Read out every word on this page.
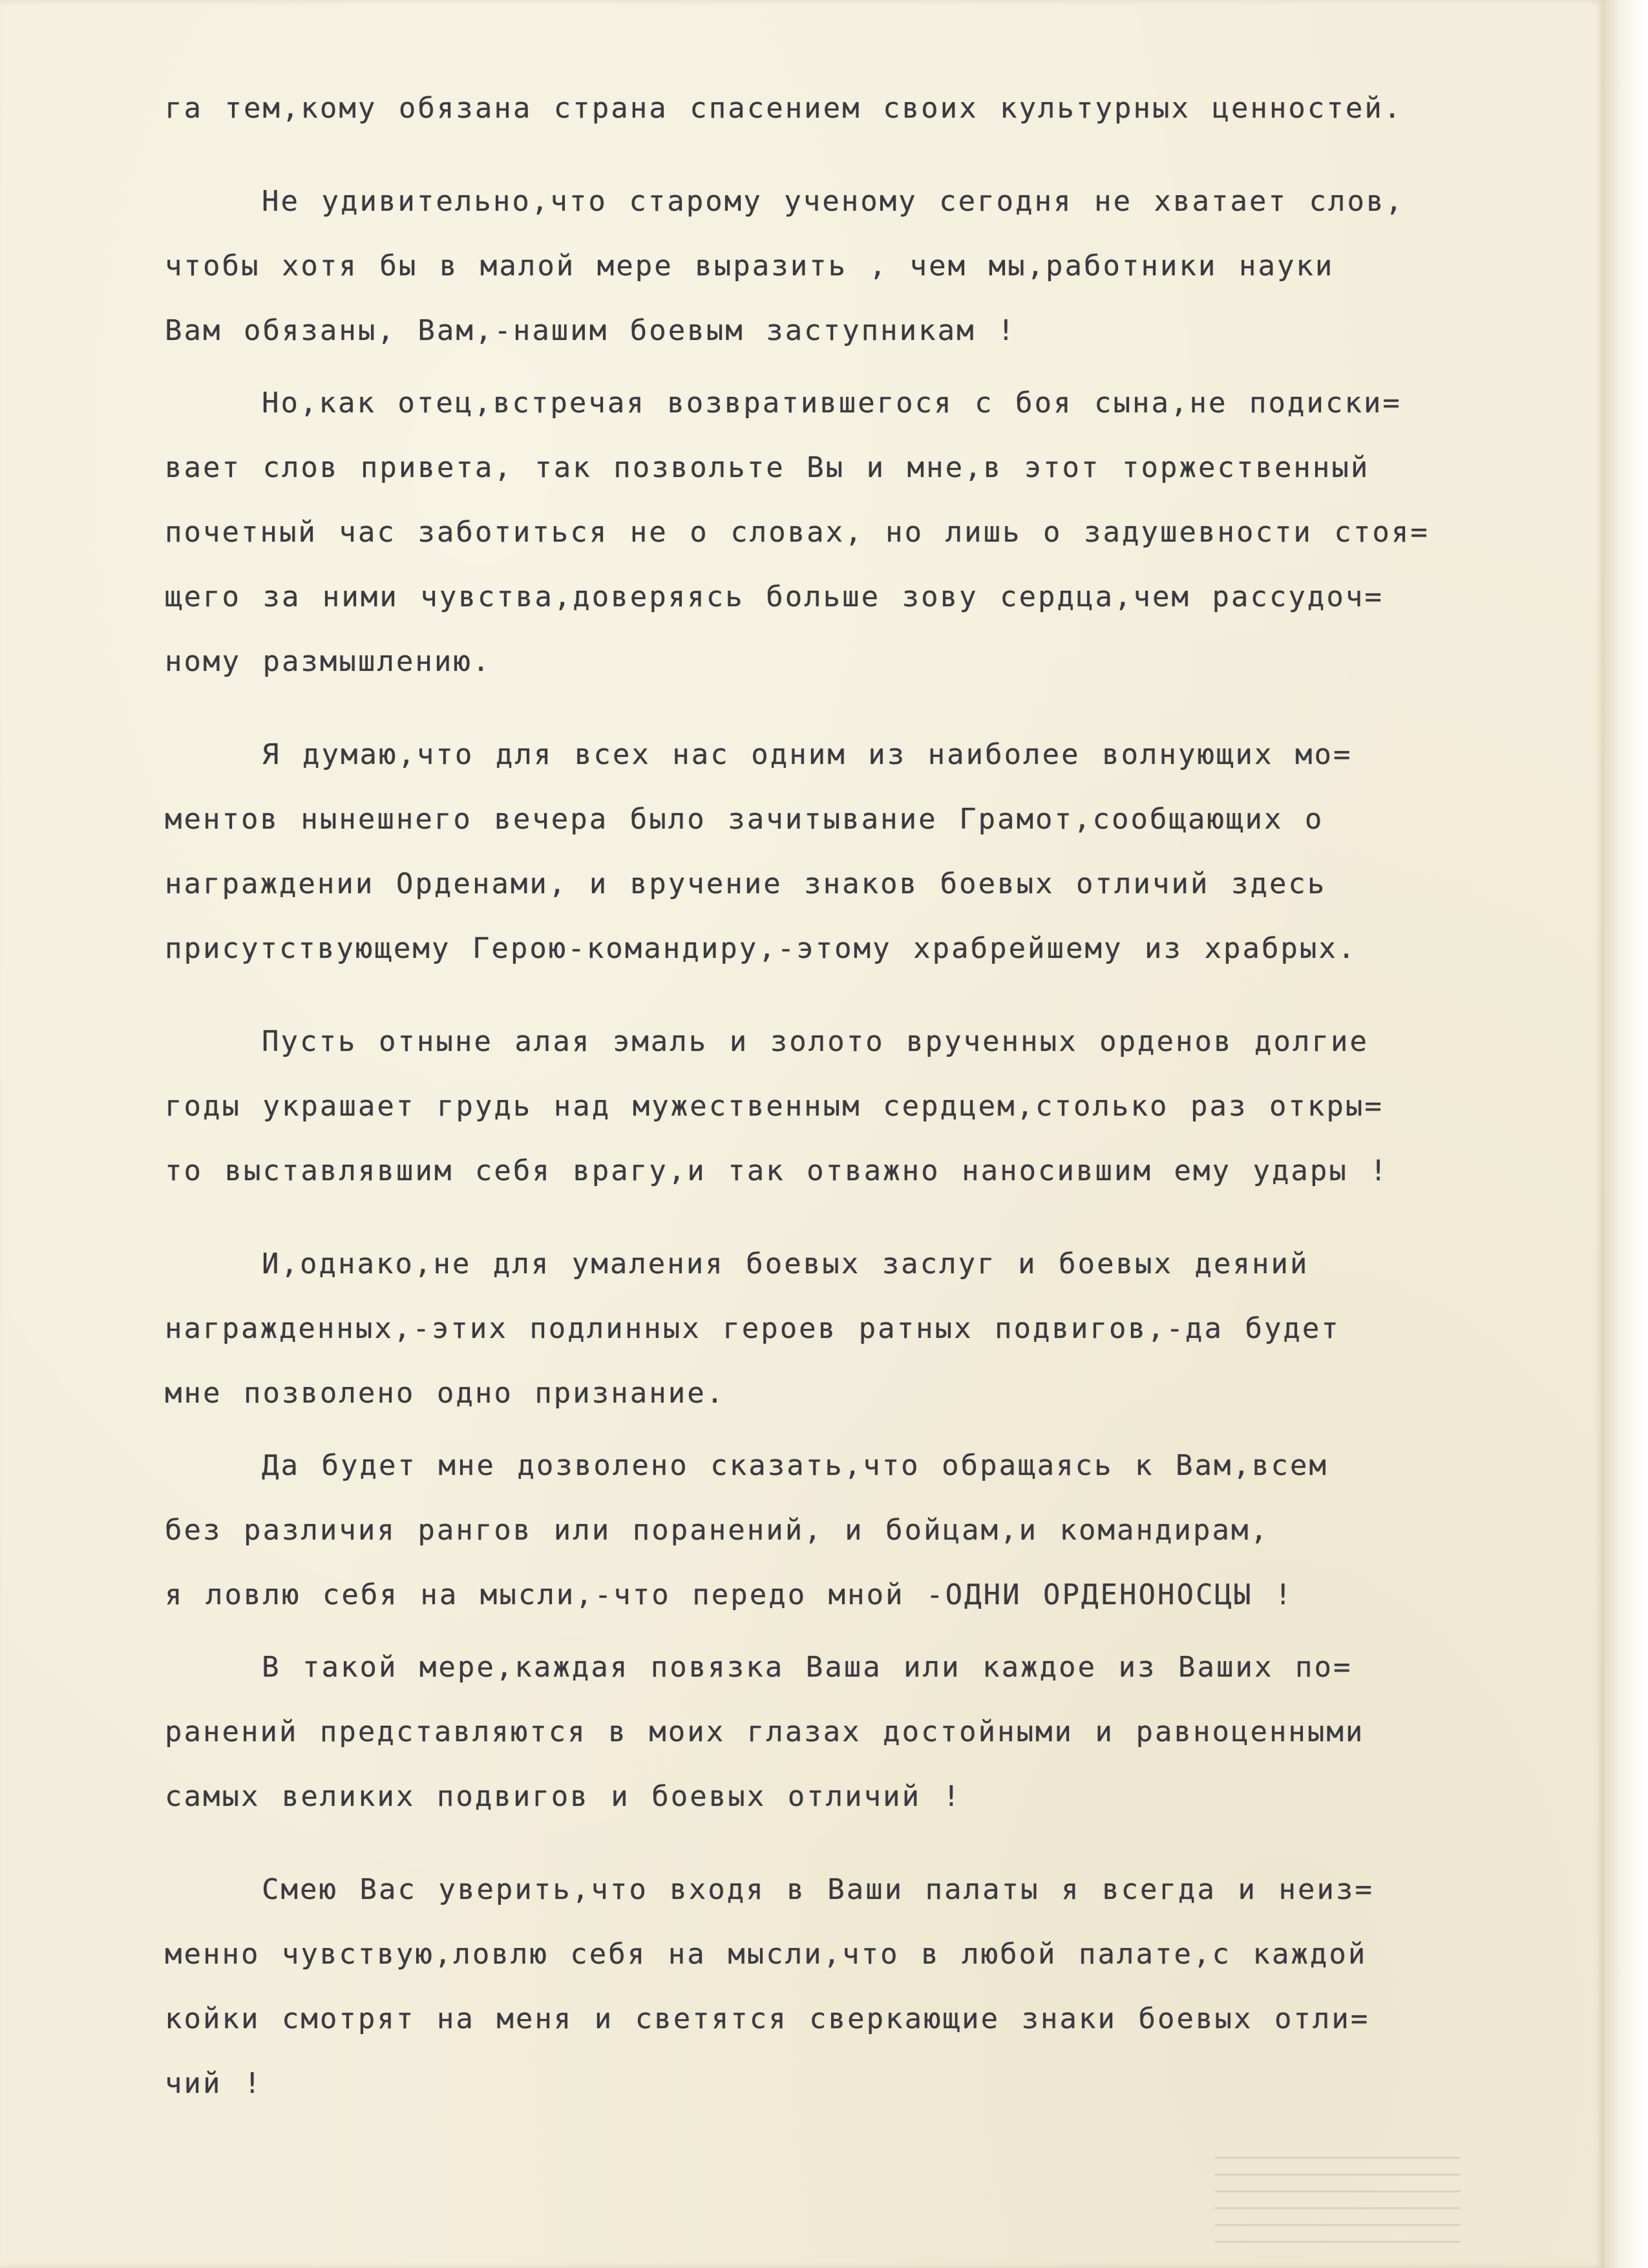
га тем,кому обязана страна спасением своих культурных ценностей.
Не удивительно,что старому ученому сегодня не хватает слов,
чтобы хотя бы в малой мере выразить , чем мы,работники науки
Вам обязаны, Вам,-нашим боевым заступникам !
Но,как отец,встречая возвратившегося с боя сына,не подиски=
вает слов привета, так позвольте Вы и мне,в этот торжественный
почетный час заботиться не о словах, но лишь о задушевности стоя=
щего за ними чувства,доверяясь больше зову сердца,чем рассудоч=
ному размышлению.
Я думаю,что для всех нас одним из наиболее волнующих мо=
ментов нынешнего вечера было зачитывание Грамот,сообщающих о
награждении Орденами, и вручение знаков боевых отличий здесь
присутствующему Герою-командиру,-этому храбрейшему из храбрых.
Пусть отныне алая эмаль и золото врученных орденов долгие
годы украшает грудь над мужественным сердцем,столько раз откры=
то выставлявшим себя врагу,и так отважно наносившим ему удары !
И,однако,не для умаления боевых заслуг и боевых деяний
награжденных,-этих подлинных героев ратных подвигов,-да будет
мне позволено одно признание.
Да будет мне дозволено сказать,что обращаясь к Вам,всем
без различия рангов или поранений, и бойцам,и командирам,
я ловлю себя на мысли,-что передо мной -ОДНИ ОРДЕНОНОСЦЫ !
В такой мере,каждая повязка Ваша или каждое из Ваших по=
ранений представляются в моих глазах достойными и равноценными
самых великих подвигов и боевых отличий !
Смею Вас уверить,что входя в Ваши палаты я всегда и неиз=
менно чувствую,ловлю себя на мысли,что в любой палате,с каждой
койки смотрят на меня и светятся сверкающие знаки боевых отли=
чий !
